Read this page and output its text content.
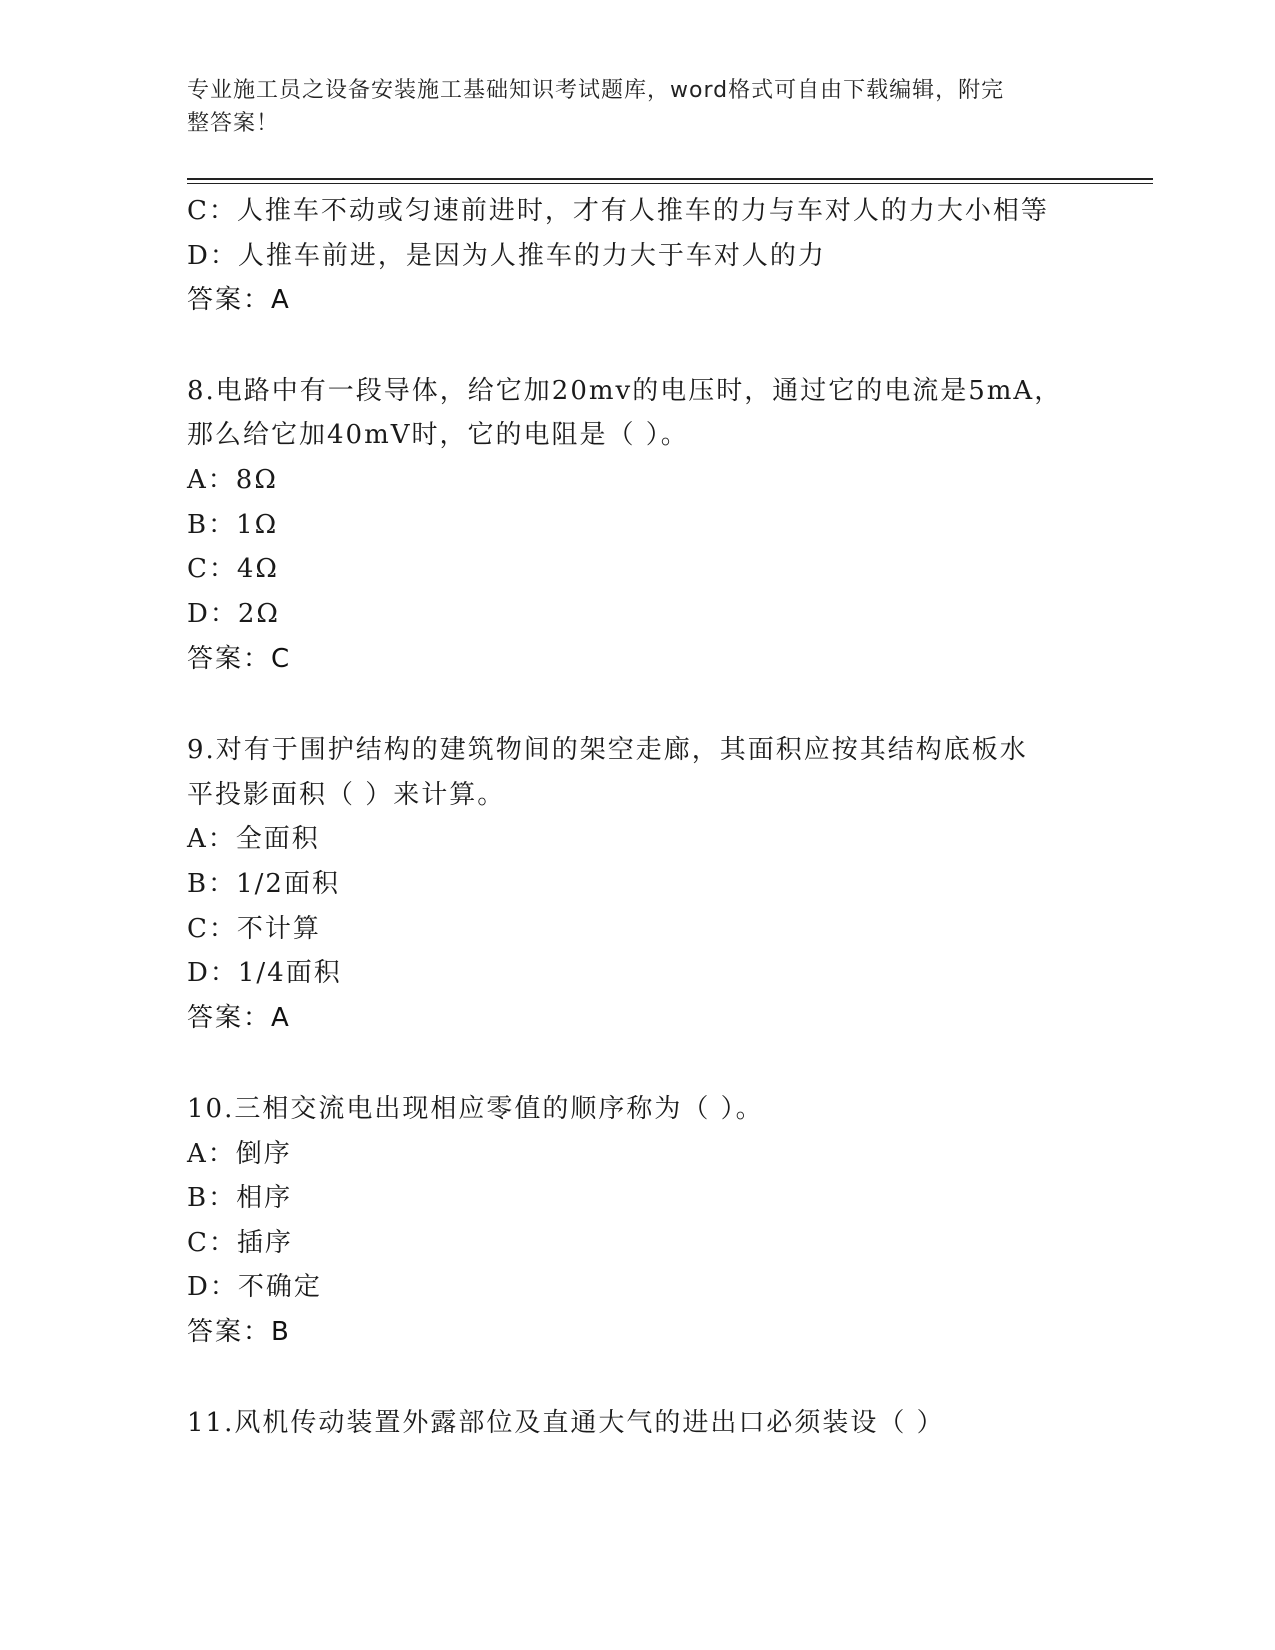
专业施工员之设备安装施工基础知识考试题库，word格式可自由下载编辑，附完
整答案！
C：人推车不动或匀速前进时，才有人推车的力与车对人的力大小相等
D：人推车前进，是因为人推车的力大于车对人的力
答案：A
8.电路中有一段导体，给它加20mv的电压时，通过它的电流是5mA，
那么给它加40mV时，它的电阻是（ ）。
A：8Ω
B：1Ω
C：4Ω
D：2Ω
答案：C
9.对有于围护结构的建筑物间的架空走廊，其面积应按其结构底板水
平投影面积（ ）来计算。
A：全面积
B：1/2面积
C：不计算
D：1/4面积
答案：A
10.三相交流电出现相应零值的顺序称为（ ）。
A：倒序
B：相序
C：插序
D：不确定
答案：B
11.风机传动装置外露部位及直通大气的进出口必须装设（ ）
